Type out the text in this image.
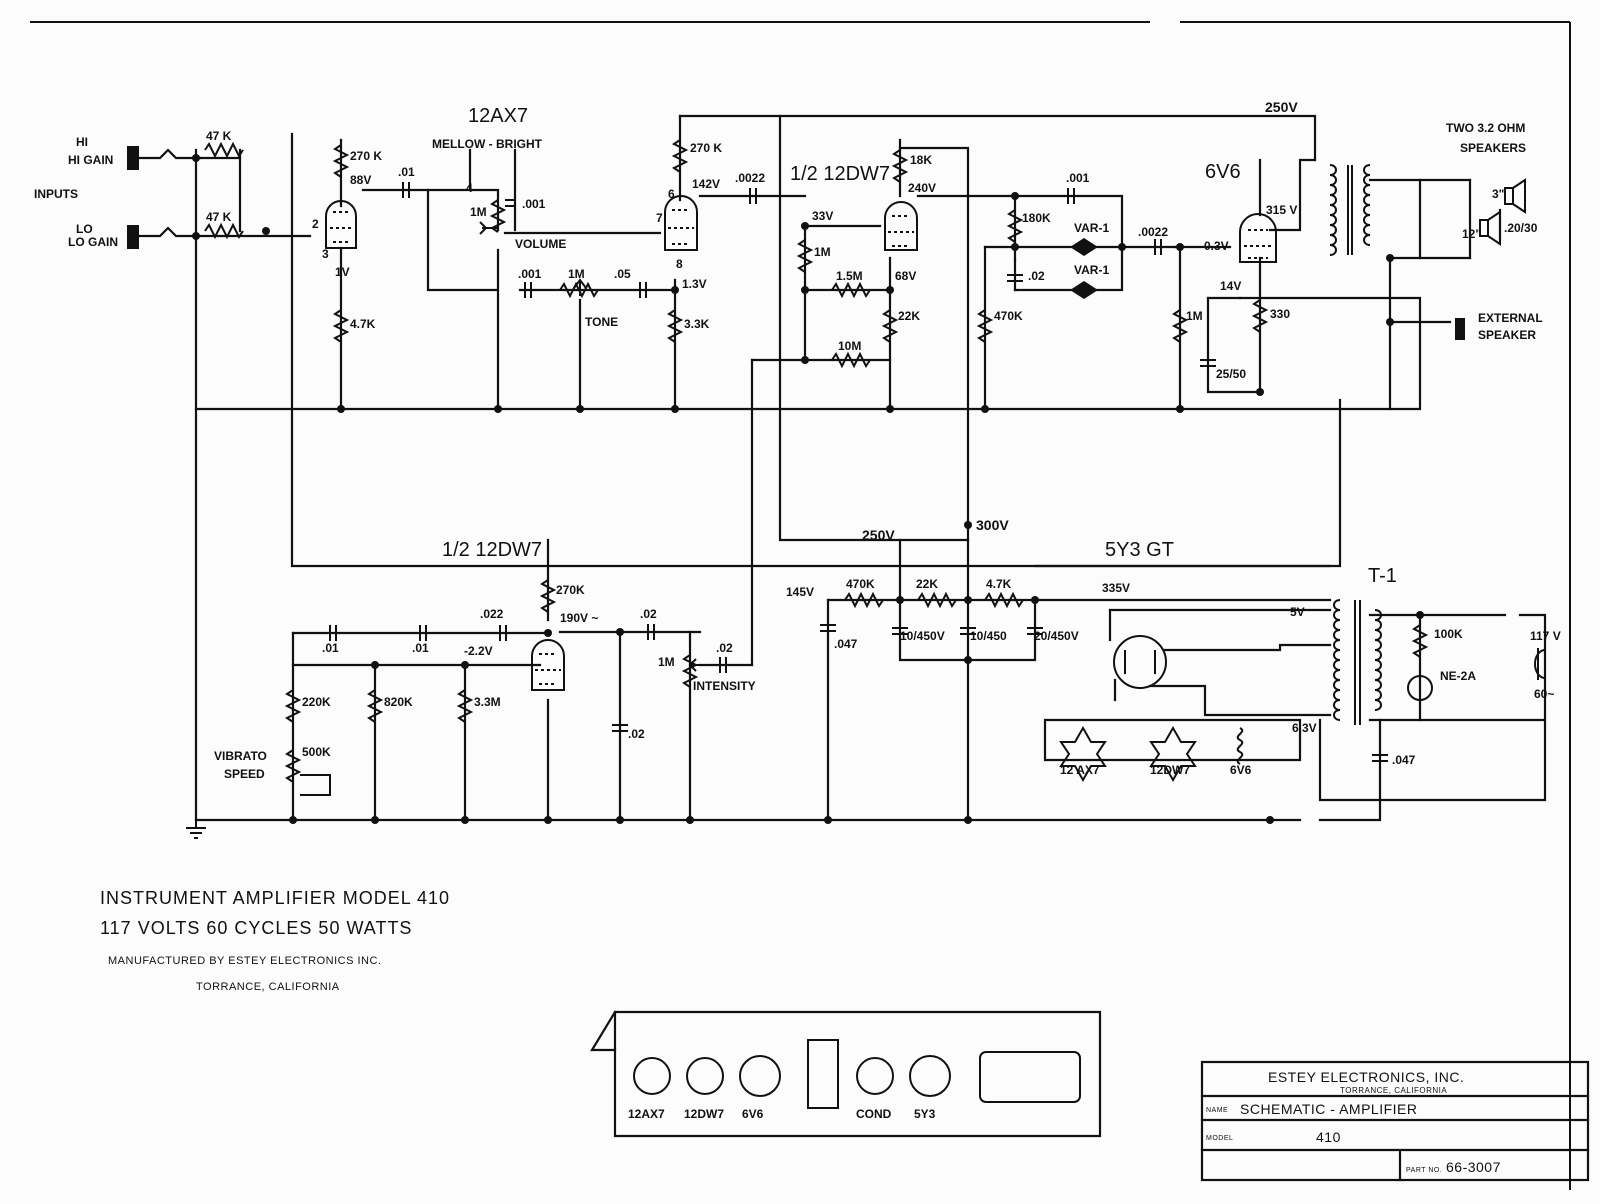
HI
HI GAIN
INPUTS
LO
LO GAIN
12AX7
1/2 12DW7	6V6
1/2 12DW7	5Y3 GT
T-1
MELLOW - BRIGHT
VOLUME
TONE
INTENSITY
VIBRATO
SPEED
VAR-1
VAR-1
TWO 3.2 OHM
SPEAKERS
EXTERNAL
SPEAKER
.20/30
3"
12"
117 V
60~
NE-2A
100K
47 K
47 K
270 K
88V
.01
2
3
1V
4.7K
1M
.001
4
.001 1M .05
270 K
142V .0022
6
7
8
1.3V
3.3K
33V
1M
1.5M
10M
18K
240V
68V
22K
.001
180K
.02
470K
.0022
-0.3V
1M
315 V
14V
330
25/50
250V
.01	.01
.022
-2.2V
190V ~	.02
270K
220K	820K	3.3M
500K
.02
1M
.02
300V
250V
145V
470K	22K	4.7K
.047
10/450V 10/450 20/450V
335V
5V
6.3V
.047
12 AX7	12DW7	6V6
INSTRUMENT AMPLIFIER MODEL 410
117 VOLTS 60 CYCLES 50 WATTS
MANUFACTURED BY ESTEY ELECTRONICS INC.
TORRANCE, CALIFORNIA
12AX7 12DW7 6V6	COND 5Y3
ESTEY ELECTRONICS, INC.
TORRANCE, CALIFORNIA
NAME SCHEMATIC - AMPLIFIER
MODEL	410
PART NO. 66-3007
